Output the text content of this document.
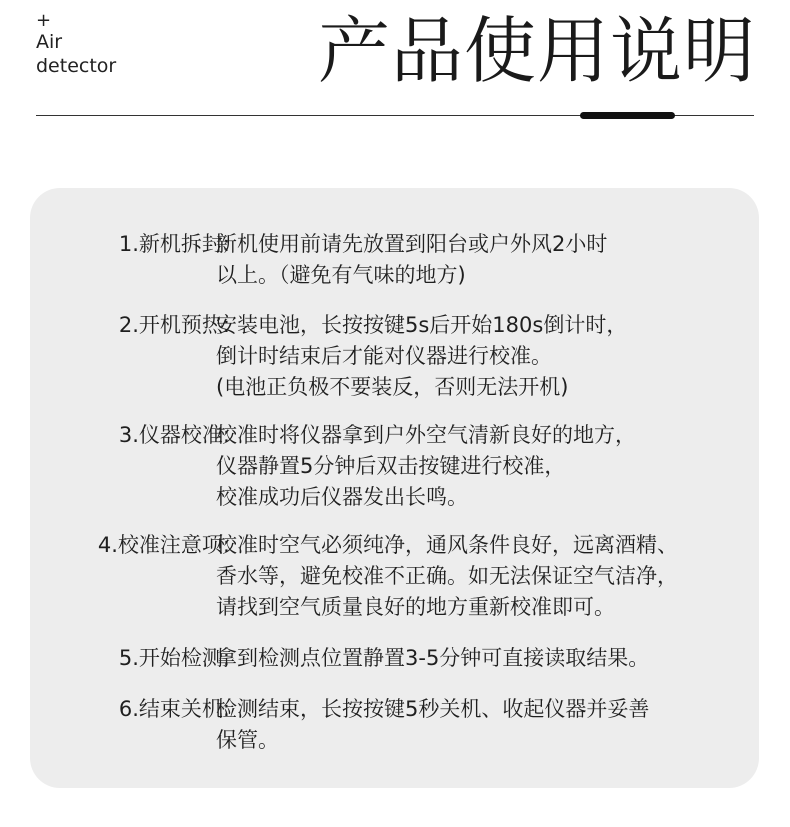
+
Air
detector	产品使用说明
1.新机拆封:
新机使用前请先放置到阳台或户外风2小时
以上。（避免有气味的地方)
2.开机预热:
安装电池，长按按键5s后开始180s倒计时，
倒计时结束后才能对仪器进行校准。
(电池正负极不要装反，否则无法开机)
3.仪器校准:
校准时将仪器拿到户外空气清新良好的地方，
仪器静置5分钟后双击按键进行校准，
校准成功后仪器发出长鸣。
4.校准注意项:
校准时空气必须纯净，通风条件良好，远离酒精、
香水等，避免校准不正确。如无法保证空气洁净，
请找到空气质量良好的地方重新校准即可。
5.开始检测:
拿到检测点位置静置3-5分钟可直接读取结果。
6.结束关机:
检测结束，长按按键5秒关机、收起仪器并妥善
保管。
